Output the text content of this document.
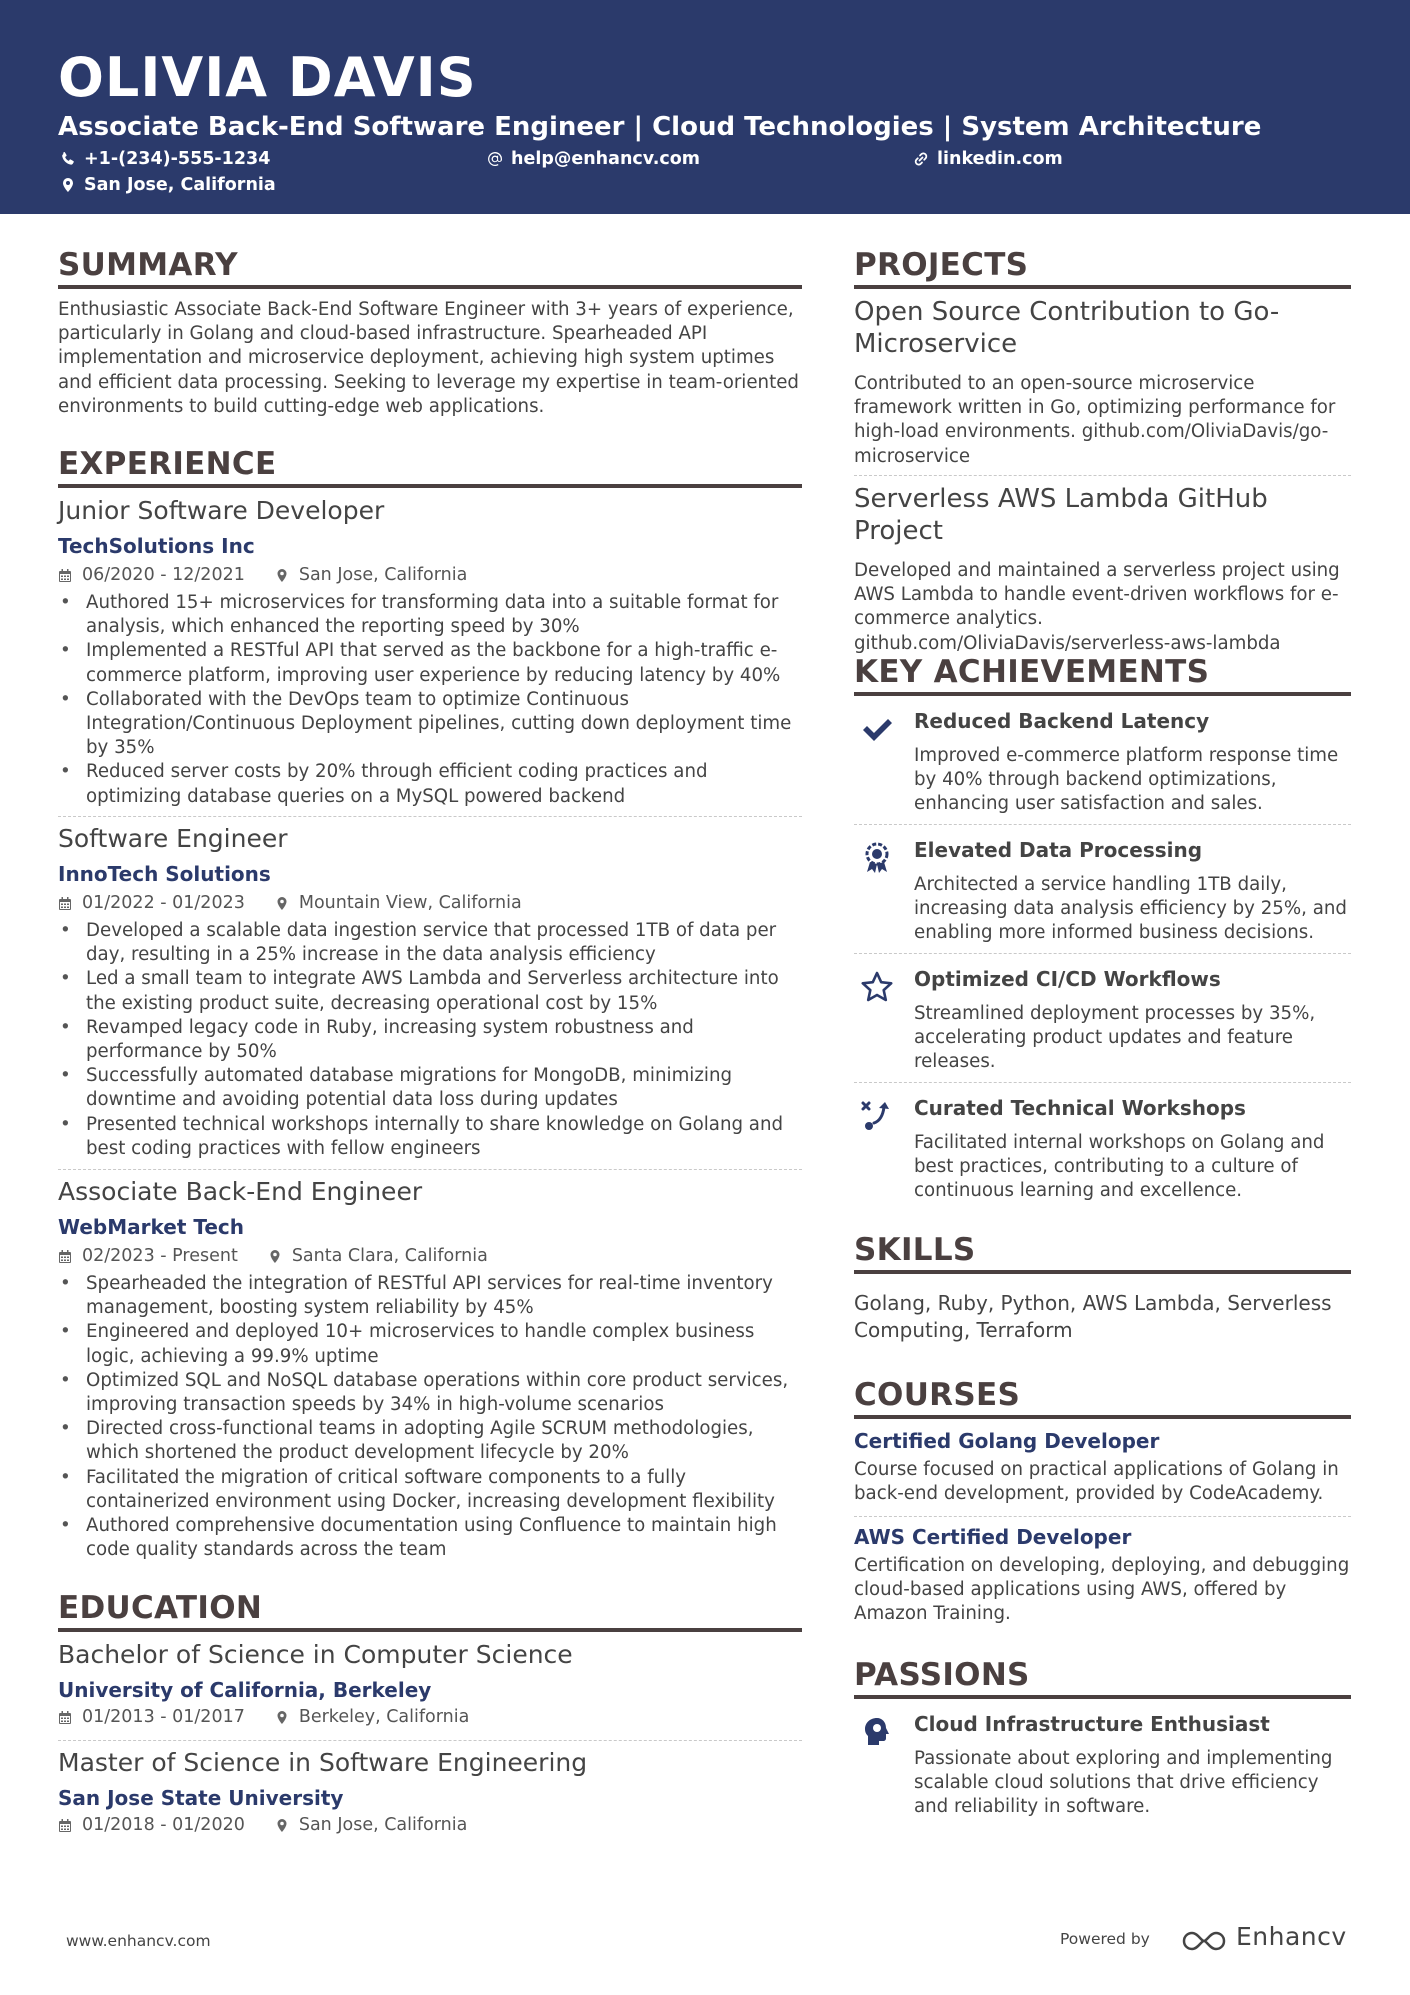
OLIVIA DAVIS
Associate Back-End Software Engineer | Cloud Technologies | System Architecture
+1-(234)-555-1234	help@enhancv.com	linkedin.com
San Jose, California
SUMMARY
Enthusiastic Associate Back-End Software Engineer with 3+ years of experience, particularly in Golang and cloud-based infrastructure. Spearheaded API implementation and microservice deployment, achieving high system uptimes and efficient data processing. Seeking to leverage my expertise in team-oriented environments to build cutting-edge web applications.
EXPERIENCE
Junior Software Developer
TechSolutions Inc
06/2020 - 12/2021	San Jose, California
• Authored 15+ microservices for transforming data into a suitable format for analysis, which enhanced the reporting speed by 30%
• Implemented a RESTful API that served as the backbone for a high-traffic e-commerce platform, improving user experience by reducing latency by 40%
• Collaborated with the DevOps team to optimize Continuous Integration/Continuous Deployment pipelines, cutting down deployment time by 35%
• Reduced server costs by 20% through efficient coding practices and optimizing database queries on a MySQL powered backend
Software Engineer
InnoTech Solutions
01/2022 - 01/2023	Mountain View, California
• Developed a scalable data ingestion service that processed 1TB of data per day, resulting in a 25% increase in the data analysis efficiency
• Led a small team to integrate AWS Lambda and Serverless architecture into the existing product suite, decreasing operational cost by 15%
• Revamped legacy code in Ruby, increasing system robustness and performance by 50%
• Successfully automated database migrations for MongoDB, minimizing downtime and avoiding potential data loss during updates
• Presented technical workshops internally to share knowledge on Golang and best coding practices with fellow engineers
Associate Back-End Engineer
WebMarket Tech
02/2023 - Present	Santa Clara, California
• Spearheaded the integration of RESTful API services for real-time inventory management, boosting system reliability by 45%
• Engineered and deployed 10+ microservices to handle complex business logic, achieving a 99.9% uptime
• Optimized SQL and NoSQL database operations within core product services, improving transaction speeds by 34% in high-volume scenarios
• Directed cross-functional teams in adopting Agile SCRUM methodologies, which shortened the product development lifecycle by 20%
• Facilitated the migration of critical software components to a fully containerized environment using Docker, increasing development flexibility
• Authored comprehensive documentation using Confluence to maintain high code quality standards across the team
EDUCATION
Bachelor of Science in Computer Science
University of California, Berkeley
01/2013 - 01/2017	Berkeley, California
Master of Science in Software Engineering
San Jose State University
01/2018 - 01/2020	San Jose, California
PROJECTS
Open Source Contribution to Go-Microservice
Contributed to an open-source microservice framework written in Go, optimizing performance for high-load environments. github.com/OliviaDavis/go-microservice
Serverless AWS Lambda GitHub Project
Developed and maintained a serverless project using AWS Lambda to handle event-driven workflows for e-commerce analytics. github.com/OliviaDavis/serverless-aws-lambda
KEY ACHIEVEMENTS
Reduced Backend Latency
Improved e-commerce platform response time by 40% through backend optimizations, enhancing user satisfaction and sales.
Elevated Data Processing
Architected a service handling 1TB daily, increasing data analysis efficiency by 25%, and enabling more informed business decisions.
Optimized CI/CD Workflows
Streamlined deployment processes by 35%, accelerating product updates and feature releases.
Curated Technical Workshops
Facilitated internal workshops on Golang and best practices, contributing to a culture of continuous learning and excellence.
SKILLS
Golang, Ruby, Python, AWS Lambda, Serverless Computing, Terraform
COURSES
Certified Golang Developer
Course focused on practical applications of Golang in back-end development, provided by CodeAcademy.
AWS Certified Developer
Certification on developing, deploying, and debugging cloud-based applications using AWS, offered by Amazon Training.
PASSIONS
Cloud Infrastructure Enthusiast
Passionate about exploring and implementing scalable cloud solutions that drive efficiency and reliability in software.
www.enhancv.com	Powered by	Enhancv
